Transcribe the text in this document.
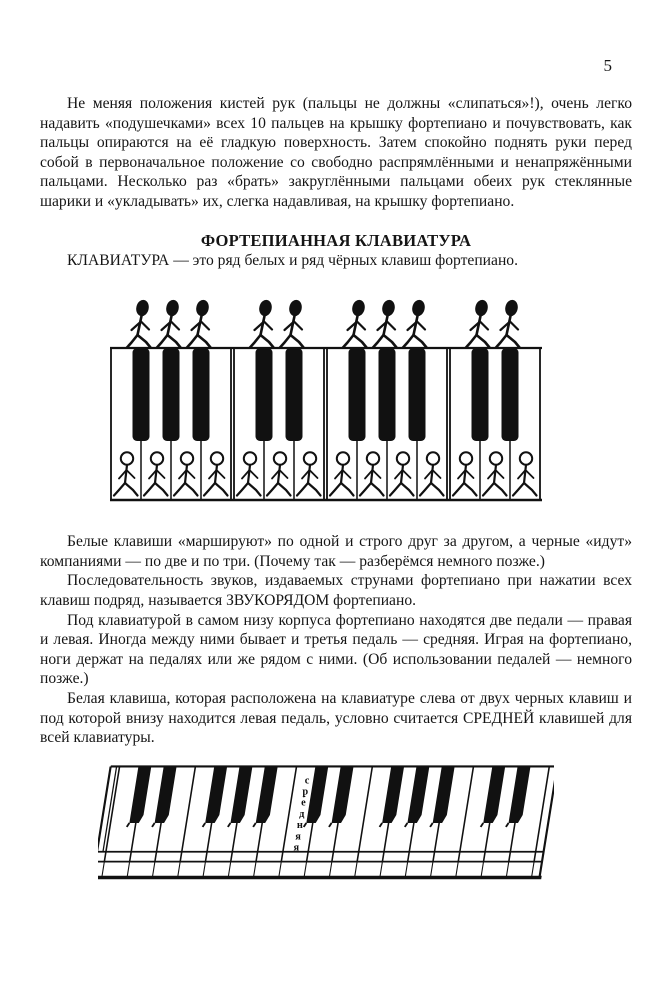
5

Не меняя положения кистей рук (пальцы не должны «слипаться»!), очень легко надавить «подушечками» всех 10 пальцев на крышку фортепиано и почувствовать, как пальцы опираются на её гладкую поверхность. Затем спокойно поднять руки перед собой в первоначальное положение со свободно распрямлёнными и ненапряжёнными пальцами. Несколько раз «брать» закруглёнными пальцами обеих рук стеклянные шарики и «укладывать» их, слегка надавливая, на крышку фортепиано.

ФОРТЕПИАННАЯ КЛАВИАТУРА

КЛАВИАТУРА — это ряд белых и ряд чёрных клавиш фортепиано.

Белые клавиши «маршируют» по одной и строго друг за другом, а черные «идут» компаниями — по две и по три. (Почему так — разберёмся немного позже.)

Последовательность звуков, издаваемых струнами фортепиано при нажатии всех клавиш подряд, называется ЗВУКОРЯДОМ фортепиано.

Под клавиатурой в самом низу корпуса фортепиано находятся две педали — правая и левая. Иногда между ними бывает и третья педаль — средняя. Играя на фортепиано, ноги держат на педалях или же рядом с ними. (Об использовании педалей — немного позже.)

Белая клавиша, которая расположена на клавиатуре слева от двух черных клавиш и под которой внизу находится левая педаль, условно считается СРЕДНЕЙ клавишей для всей клавиатуры.

с
р
е́
д
н
я
я
